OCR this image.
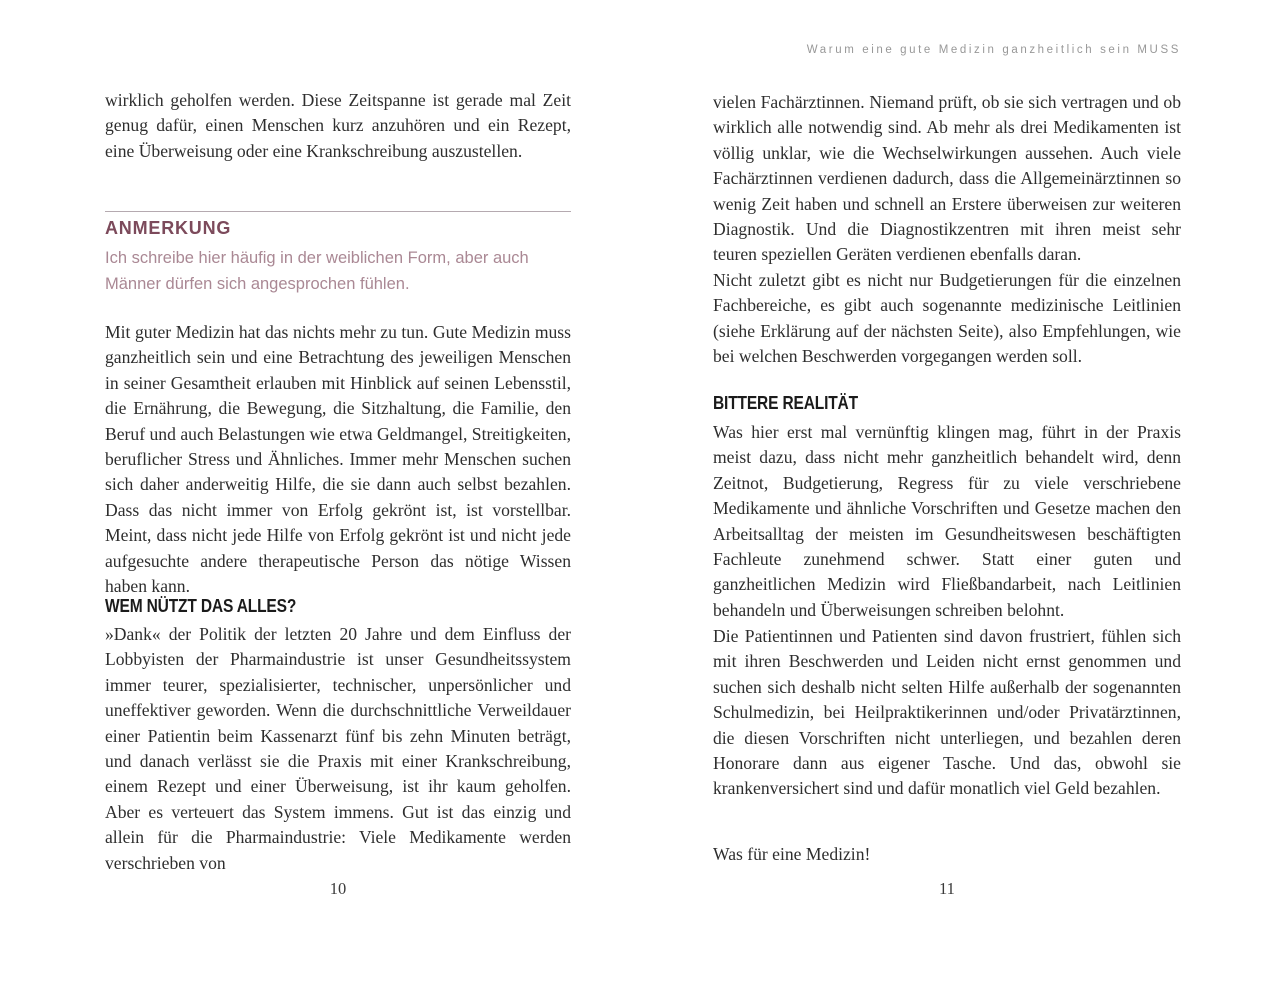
wirklich geholfen werden. Diese Zeitspanne ist gerade mal Zeit genug dafür, einen Menschen kurz anzuhören und ein Rezept, eine Überweisung oder eine Krankschreibung auszustellen.
ANMERKUNG
Ich schreibe hier häufig in der weiblichen Form, aber auch Männer dürfen sich angesprochen fühlen.
Mit guter Medizin hat das nichts mehr zu tun. Gute Medizin muss ganzheitlich sein und eine Betrachtung des jeweiligen Menschen in seiner Gesamtheit erlauben mit Hinblick auf seinen Lebensstil, die Ernährung, die Bewegung, die Sitzhaltung, die Familie, den Beruf und auch Belastungen wie etwa Geldmangel, Streitigkeiten, beruflicher Stress und Ähnliches. Immer mehr Menschen suchen sich daher anderweitig Hilfe, die sie dann auch selbst bezahlen. Dass das nicht immer von Erfolg gekrönt ist, ist vorstellbar. Meint, dass nicht jede Hilfe von Erfolg gekrönt ist und nicht jede aufgesuchte andere therapeutische Person das nötige Wissen haben kann.
WEM NÜTZT DAS ALLES?
»Dank« der Politik der letzten 20 Jahre und dem Einfluss der Lobbyisten der Pharmaindustrie ist unser Gesundheitssystem immer teurer, spezialisierter, technischer, unpersönlicher und uneffektiver geworden. Wenn die durchschnittliche Verweildauer einer Patientin beim Kassenarzt fünf bis zehn Minuten beträgt, und danach verlässt sie die Praxis mit einer Krankschreibung, einem Rezept und einer Überweisung, ist ihr kaum geholfen. Aber es verteuert das System immens. Gut ist das einzig und allein für die Pharmaindustrie: Viele Medikamente werden verschrieben von
10
Warum eine gute Medizin ganzheitlich sein MUSS
vielen Fachärztinnen. Niemand prüft, ob sie sich vertragen und ob wirklich alle notwendig sind. Ab mehr als drei Medikamenten ist völlig unklar, wie die Wechselwirkungen aussehen. Auch viele Fachärztinnen verdienen dadurch, dass die Allgemeinärztinnen so wenig Zeit haben und schnell an Erstere überweisen zur weiteren Diagnostik. Und die Diagnostikzentren mit ihren meist sehr teuren speziellen Geräten verdienen ebenfalls daran.
Nicht zuletzt gibt es nicht nur Budgetierungen für die einzelnen Fachbereiche, es gibt auch sogenannte medizinische Leitlinien (siehe Erklärung auf der nächsten Seite), also Empfehlungen, wie bei welchen Beschwerden vorgegangen werden soll.
BITTERE REALITÄT
Was hier erst mal vernünftig klingen mag, führt in der Praxis meist dazu, dass nicht mehr ganzheitlich behandelt wird, denn Zeitnot, Budgetierung, Regress für zu viele verschriebene Medikamente und ähnliche Vorschriften und Gesetze machen den Arbeitsalltag der meisten im Gesundheitswesen beschäftigten Fachleute zunehmend schwer. Statt einer guten und ganzheitlichen Medizin wird Fließbandarbeit, nach Leitlinien behandeln und Überweisungen schreiben belohnt.
Die Patientinnen und Patienten sind davon frustriert, fühlen sich mit ihren Beschwerden und Leiden nicht ernst genommen und suchen sich deshalb nicht selten Hilfe außerhalb der sogenannten Schulmedizin, bei Heilpraktikerinnen und/oder Privatärztinnen, die diesen Vorschriften nicht unterliegen, und bezahlen deren Honorare dann aus eigener Tasche. Und das, obwohl sie krankenversichert sind und dafür monatlich viel Geld bezahlen.
Was für eine Medizin!
11
